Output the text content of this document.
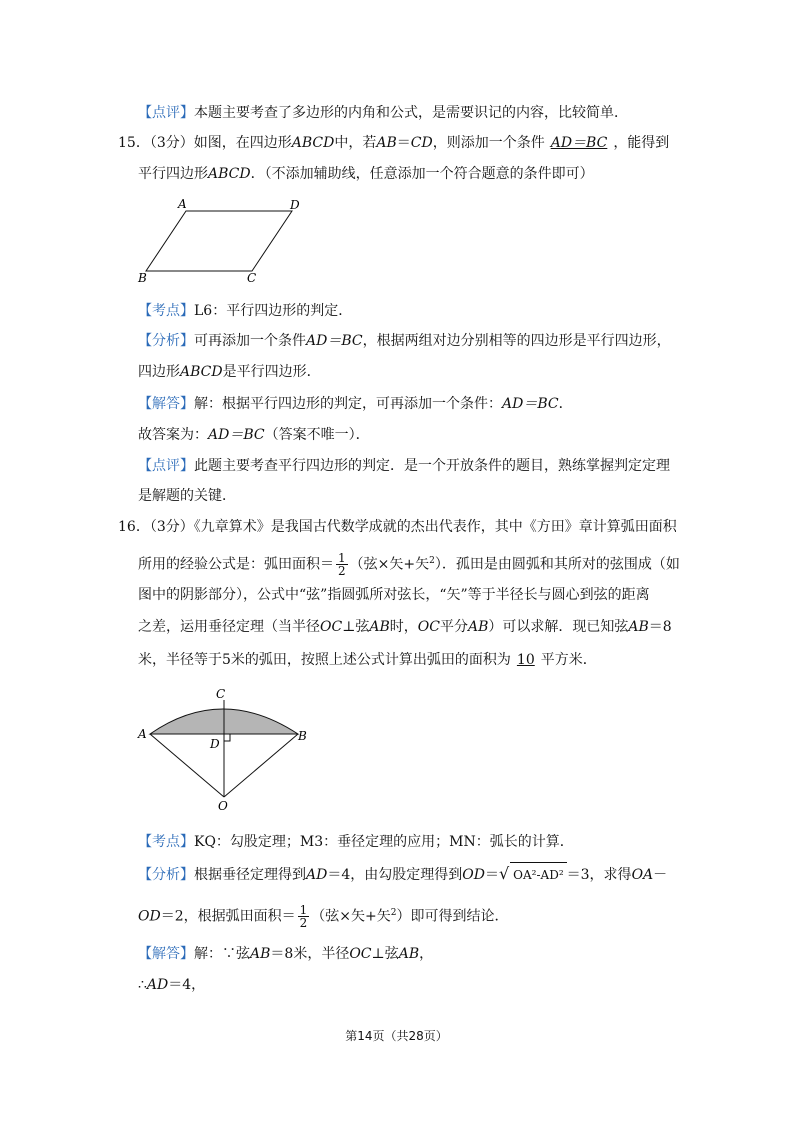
【点评】本题主要考查了多边形的内角和公式，是需要识记的内容，比较简单．
15．（3分）如图，在四边形ABCD中，若AB＝CD，则添加一个条件 AD＝BC ，能得到
平行四边形ABCD．（不添加辅助线，任意添加一个符合题意的条件即可）
A	D
B	C
【考点】L6：平行四边形的判定．
【分析】可再添加一个条件AD＝BC，根据两组对边分别相等的四边形是平行四边形，
四边形ABCD是平行四边形．
【解答】解：根据平行四边形的判定，可再添加一个条件：AD＝BC．
故答案为：AD＝BC（答案不唯一）．
【点评】此题主要考查平行四边形的判定．是一个开放条件的题目，熟练掌握判定定理
是解题的关键．
16．（3分）《九章算术》是我国古代数学成就的杰出代表作，其中《方田》章计算弧田面积
所用的经验公式是：弧田面积＝ $\frac{1}{2}$ （弦×矢+矢$^2$）．孤田是由圆弧和其所对的弦围成（如
图中的阴影部分），公式中“弦”指圆弧所对弦长，“矢”等于半径长与圆心到弦的距离
之差，运用垂径定理（当半径OC⊥弦AB时，OC平分AB）可以求解．现已知弦AB＝8
米，半径等于5米的弧田，按照上述公式计算出弧田的面积为 10 平方米．
C
A	B
D
O
【考点】KQ：勾股定理；M3：垂径定理的应用；MN：弧长的计算．
【分析】根据垂径定理得到AD＝4，由勾股定理得到OD＝√ OA²-AD² ＝3，求得OA－
OD＝2，根据弧田面积＝ $\frac{1}{2}$ （弦×矢+矢$^2$）即可得到结论．
【解答】解：∵弦AB＝8米，半径OC⊥弦AB，
∴AD＝4，
第14页（共28页）
